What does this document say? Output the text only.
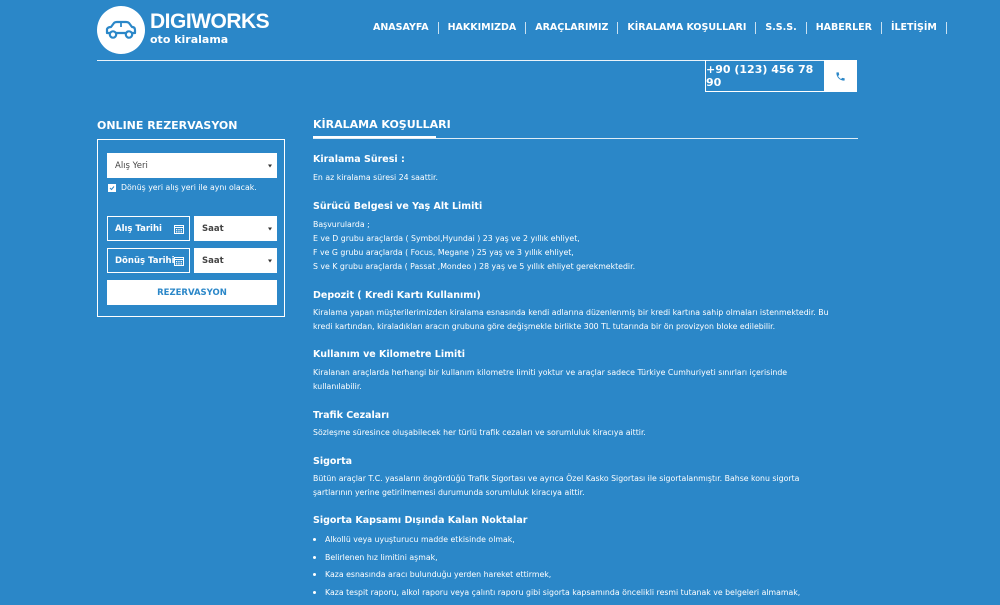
DIGIWORKS
oto kiralama
ANASAYFA	HAKKIMIZDA	ARAÇLARIMIZ	KİRALAMA KOŞULLARI	S.S.S.	HABERLER	İLETİŞİM
+90 (123) 456 78 90
ONLINE REZERVASYON
Alış Yeri
Dönüş yeri alış yeri ile aynı olacak.
Alış Tarihi	Saat
Dönüş Tarihi	Saat
REZERVASYON
KİRALAMA KOŞULLARI
Kiralama Süresi :
En az kiralama süresi 24 saattir.
Sürücü Belgesi ve Yaş Alt Limiti
Başvurularda ;
E ve D grubu araçlarda ( Symbol,Hyundai ) 23 yaş ve 2 yıllık ehliyet,
F ve G grubu araçlarda ( Focus, Megane ) 25 yaş ve 3 yıllık ehliyet,
S ve K grubu araçlarda ( Passat ,Mondeo ) 28 yaş ve 5 yıllık ehliyet gerekmektedir.
Depozit ( Kredi Kartı Kullanımı)
Kiralama yapan müşterilerimizden kiralama esnasında kendi adlarına düzenlenmiş bir kredi kartına sahip olmaları istenmektedir. Bu
kredi kartından, kiraladıkları aracın grubuna göre değişmekle birlikte 300 TL tutarında bir ön provizyon bloke edilebilir.
Kullanım ve Kilometre Limiti
Kiralanan araçlarda herhangi bir kullanım kilometre limiti yoktur ve araçlar sadece Türkiye Cumhuriyeti sınırları içerisinde
kullanılabilir.
Trafik Cezaları
Sözleşme süresince oluşabilecek her türlü trafik cezaları ve sorumluluk kiracıya aittir.
Sigorta
Bütün araçlar T.C. yasaların öngördüğü Trafik Sigortası ve ayrıca Özel Kasko Sigortası ile sigortalanmıştır. Bahse konu sigorta
şartlarının yerine getirilmemesi durumunda sorumluluk kiracıya aittir.
Sigorta Kapsamı Dışında Kalan Noktalar
Alkollü veya uyuşturucu madde etkisinde olmak,
Belirlenen hız limitini aşmak,
Kaza esnasında aracı bulunduğu yerden hareket ettirmek,
Kaza tespit raporu, alkol raporu veya çalıntı raporu gibi sigorta kapsamında öncelikli resmi tutanak ve belgeleri almamak,
